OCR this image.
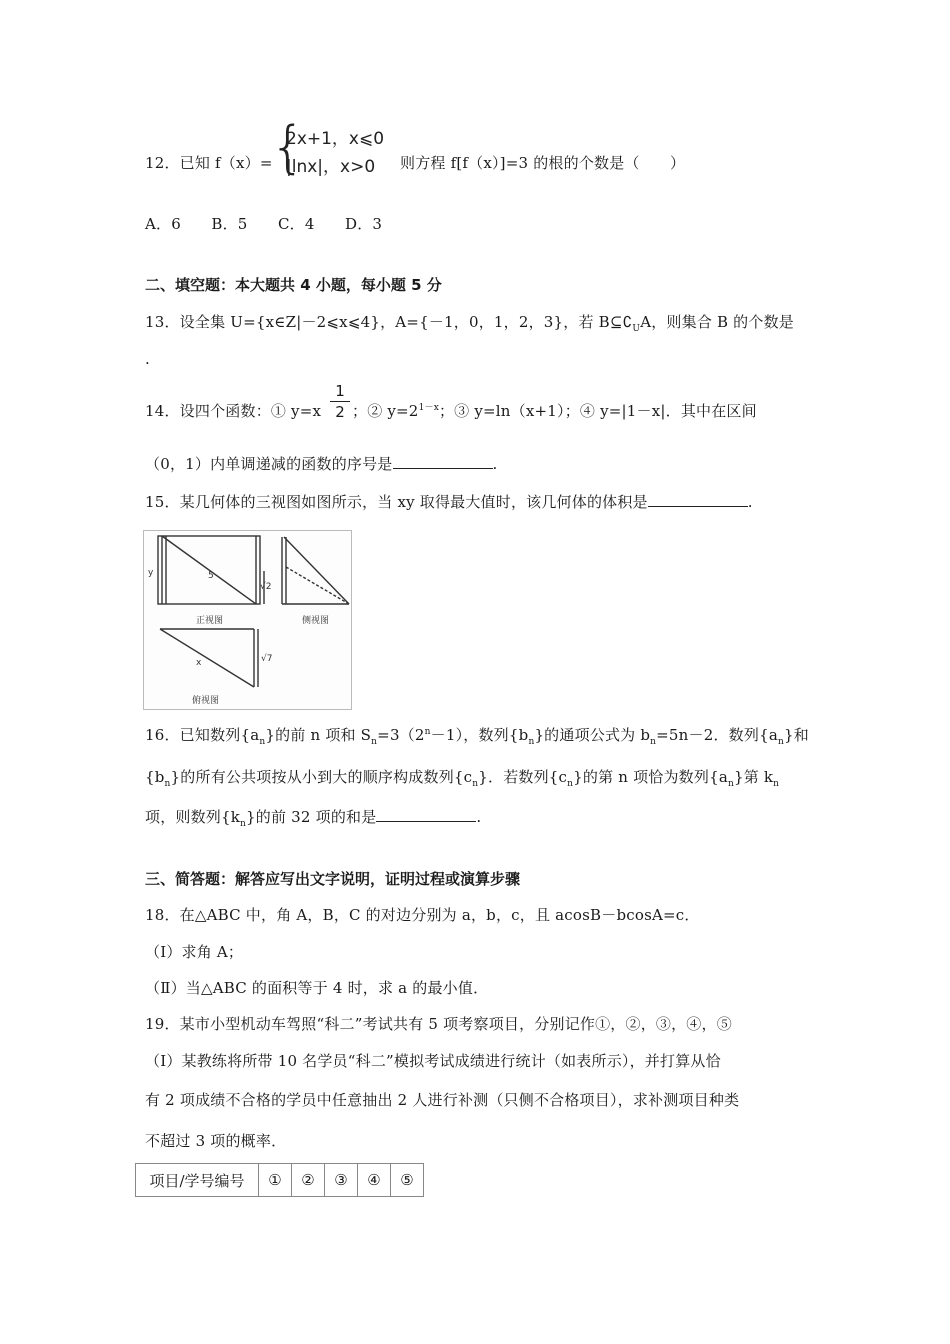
12．已知 f（x）=
{
2x+1，x⩽0
|lnx|，x>0 则方程 f[f（x）]=3 的根的个数是（　　）
A．6　　B．5　　C．4　　D．3
二、填空题：本大题共 4 小题，每小题 5 分
13．设全集 U={x∈Z|－2⩽x⩽4}，A={－1，0，1，2，3}，若 $B⊆∁_UA$，则集合 B 的个数是
.
14．设四个函数：① y=x
1
2 ；② $y=2^{1-x}$；③ y=ln（x+1）；④ y=|1－x|．其中在区间
（0，1）内单调递减的函数的序号是	.
15．某几何体的三视图如图所示，当 xy 取得最大值时，该几何体的体积是	.
y	5
√2
正视图	侧视图
x	√7
俯视图
16．已知数列$\{a_n\}$的前 n 项和 $S_n=3(2^n-1)$，数列$\{b_n\}$的通项公式为 $b_n=5n-2$．数列$\{a_n\}$和
$\{b_n\}$的所有公共项按从小到大的顺序构成数列$\{c_n\}$．若数列$\{c_n\}$的第 n 项恰为数列$\{a_n\}$第 $k_n$
项，则数列$\{k_n\}$的前 32 项的和是	.
三、简答题：解答应写出文字说明，证明过程或演算步骤
18．在△ABC 中，角 A，B，C 的对边分别为 a，b，c，且 acosB－bcosA=c．
（Ⅰ）求角 A；
（Ⅱ）当△ABC 的面积等于 4 时，求 a 的最小值．
19．某市小型机动车驾照“科二”考试共有 5 项考察项目，分别记作①，②，③，④，⑤
（Ⅰ）某教练将所带 10 名学员“科二”模拟考试成绩进行统计（如表所示），并打算从恰
有 2 项成绩不合格的学员中任意抽出 2 人进行补测（只侧不合格项目），求补测项目种类
不超过 3 项的概率．
项目/学号编号	①	②	③	④	⑤
